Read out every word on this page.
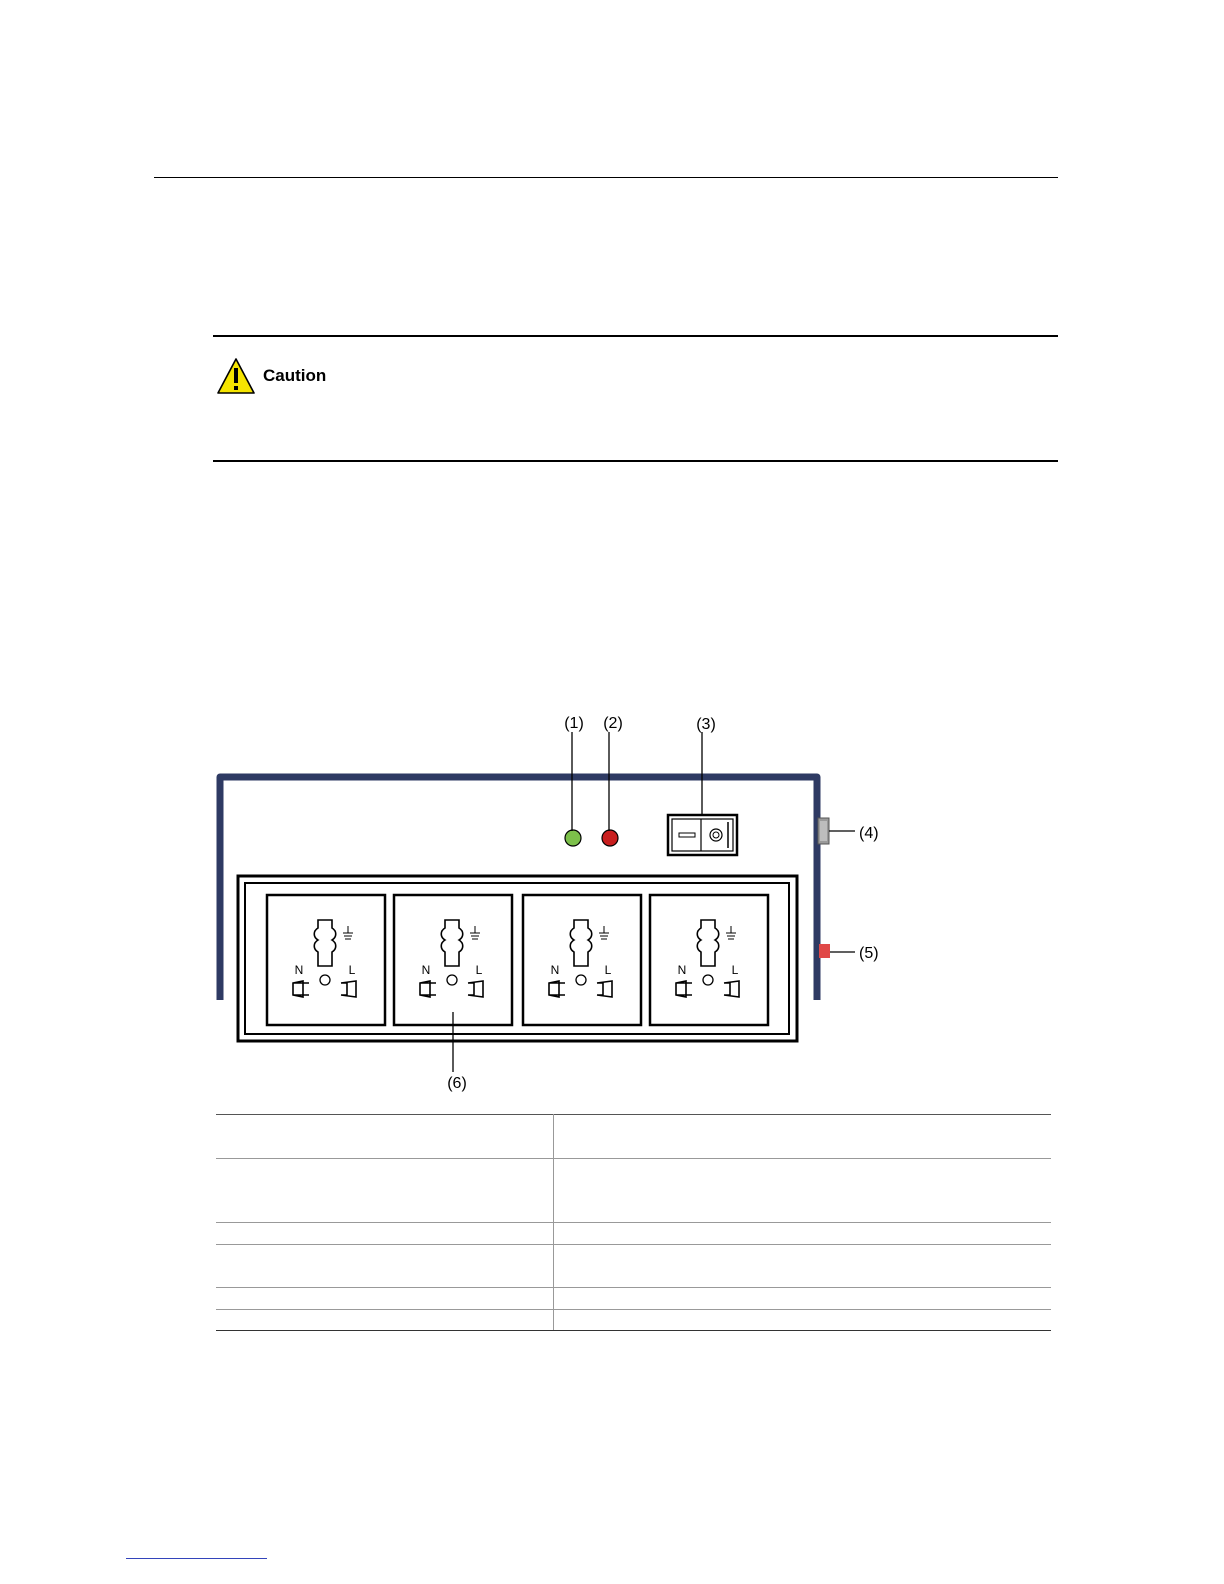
Caution
N	L	N	L	N	L	N	L
(1) (2)	(3)
(4)
(5)
(6)
